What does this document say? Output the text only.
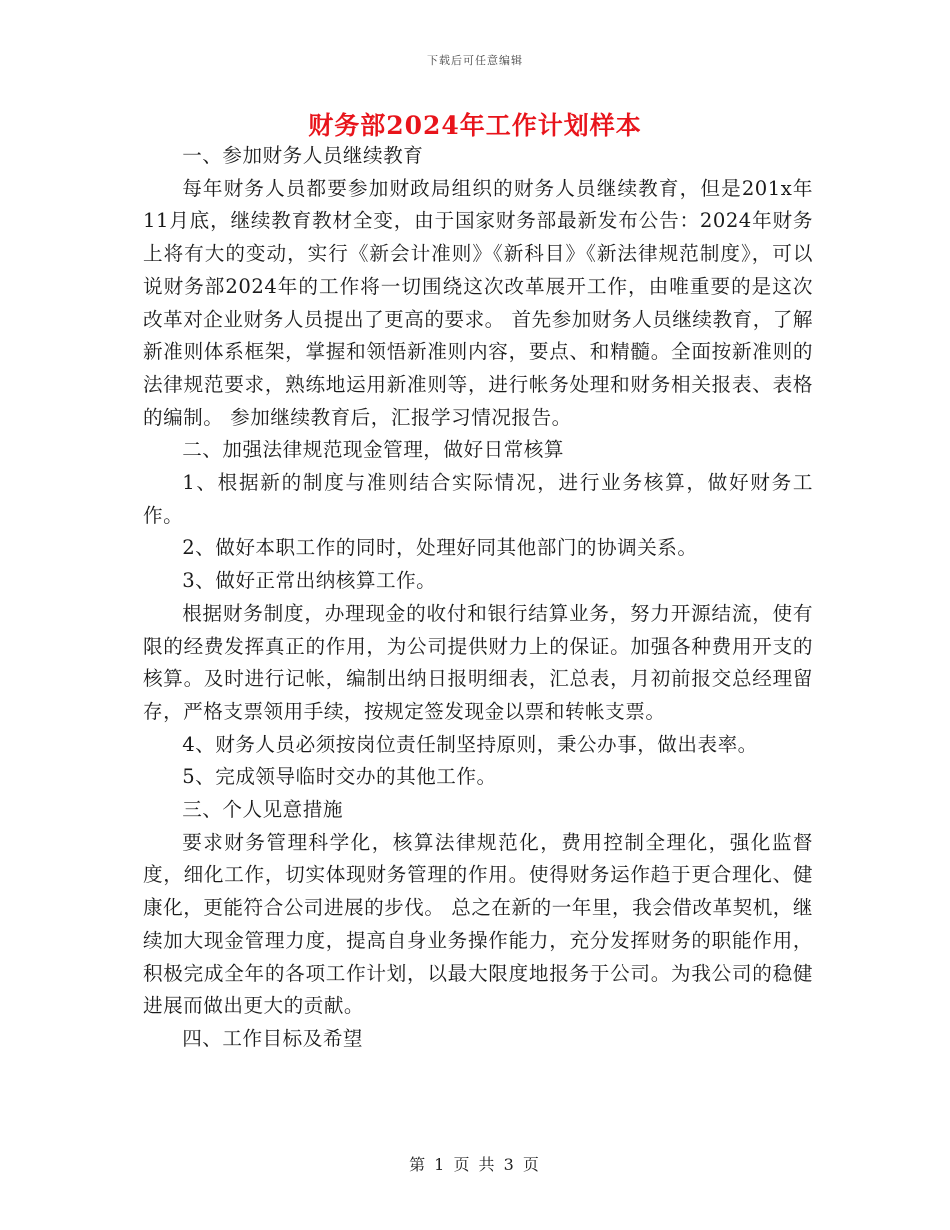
下载后可任意编辑
财务部2024年工作计划样本

一、参加财务人员继续教育

每年财务人员都要参加财政局组织的财务人员继续教育，但是201x年11月底，继续教育教材全变，由于国家财务部最新发布公告：2024年财务上将有大的变动，实行《新会计准则》《新科目》《新法律规范制度》，可以说财务部2024年的工作将一切围绕这次改革展开工作，由唯重要的是这次改革对企业财务人员提出了更高的要求。 首先参加财务人员继续教育，了解新准则体系框架，掌握和领悟新准则内容，要点、和精髓。全面按新准则的法律规范要求，熟练地运用新准则等，进行帐务处理和财务相关报表、表格的编制。 参加继续教育后，汇报学习情况报告。

二、加强法律规范现金管理，做好日常核算

1、根据新的制度与准则结合实际情况，进行业务核算，做好财务工作。

2、做好本职工作的同时，处理好同其他部门的协调关系。

3、做好正常出纳核算工作。

根据财务制度，办理现金的收付和银行结算业务，努力开源结流，使有限的经费发挥真正的作用，为公司提供财力上的保证。加强各种费用开支的核算。及时进行记帐，编制出纳日报明细表，汇总表，月初前报交总经理留存，严格支票领用手续，按规定签发现金以票和转帐支票。

4、财务人员必须按岗位责任制坚持原则，秉公办事，做出表率。

5、完成领导临时交办的其他工作。

三、个人见意措施

要求财务管理科学化，核算法律规范化，费用控制全理化，强化监督度，细化工作，切实体现财务管理的作用。使得财务运作趋于更合理化、健康化，更能符合公司进展的步伐。 总之在新的一年里，我会借改革契机，继续加大现金管理力度，提高自身业务操作能力，充分发挥财务的职能作用，积极完成全年的各项工作计划，以最大限度地报务于公司。为我公司的稳健进展而做出更大的贡献。

四、工作目标及希望

第 1 页 共 3 页
